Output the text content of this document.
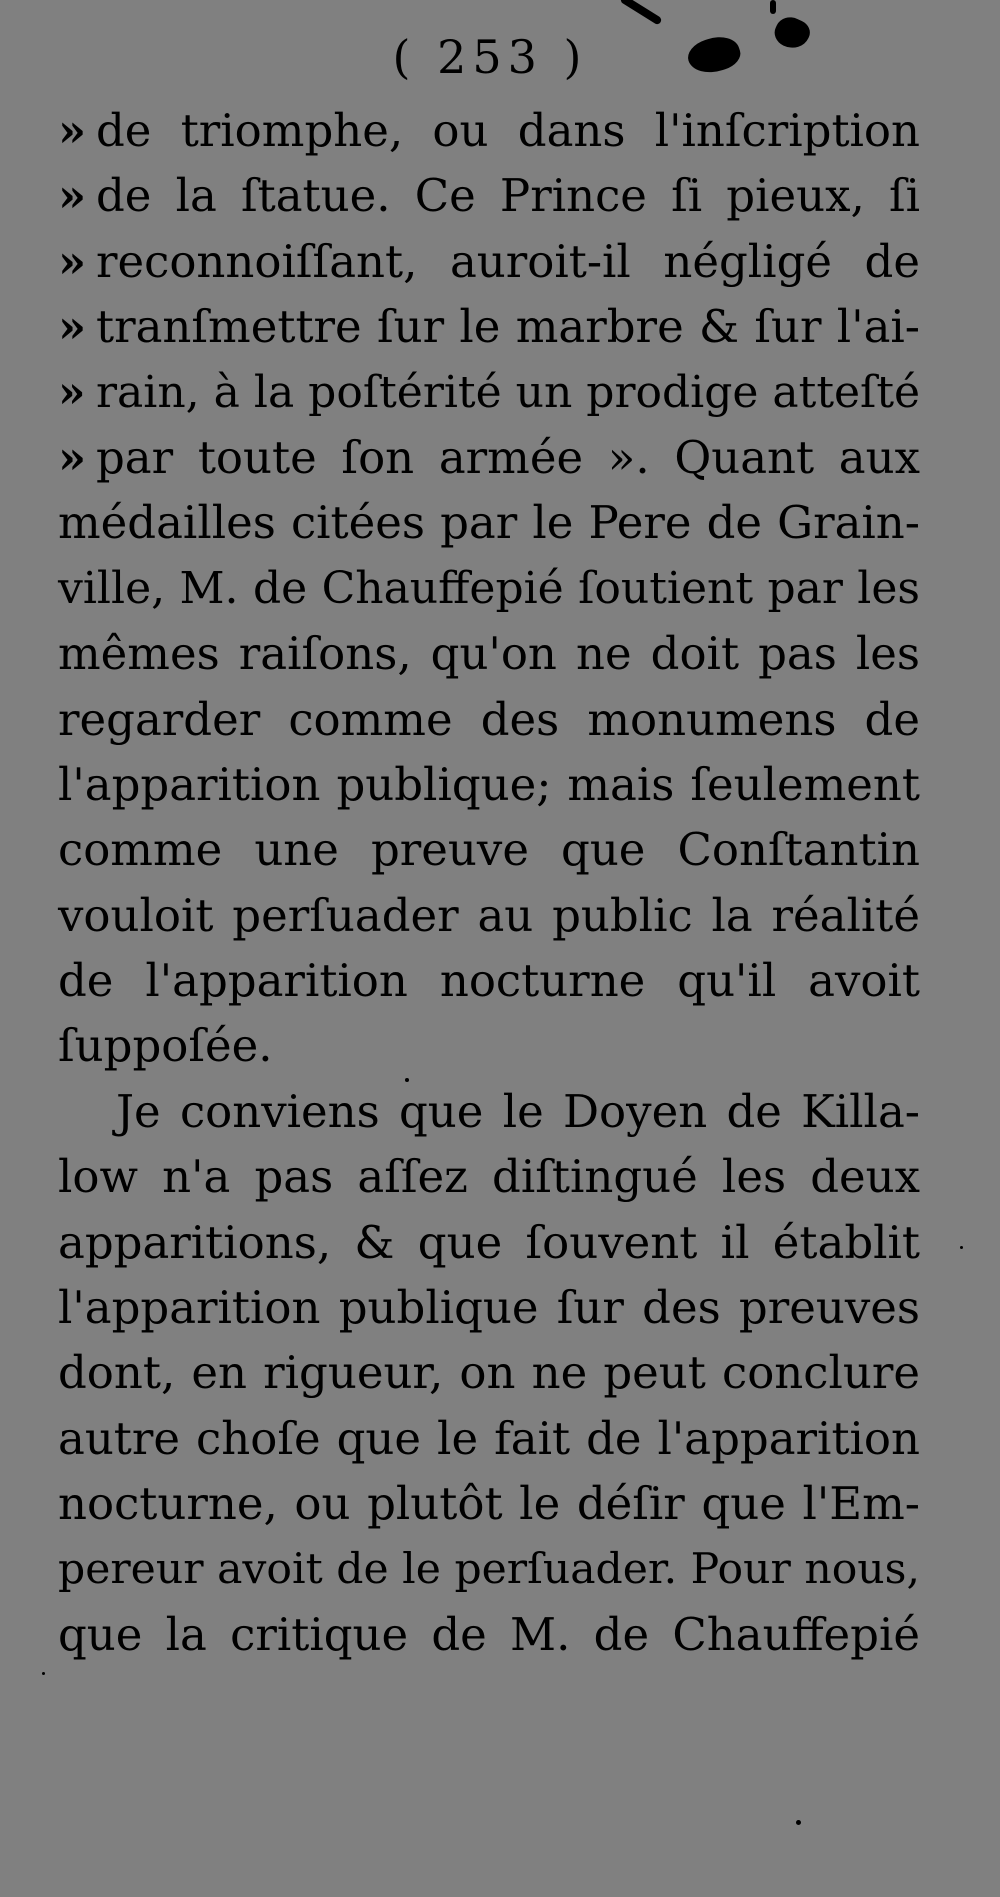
( 253 )
» de triomphe, ou dans l'inſcription
» de la ſtatue. Ce Prince ſi pieux, ſi
» reconnoiſſant, auroit-il négligé de
» tranſmettre ſur le marbre & ſur l'ai-
» rain, à la poſtérité un prodige atteſté
» par toute ſon armée ». Quant aux
médailles citées par le Pere de Grain-
ville, M. de Chauffepié ſoutient par les
mêmes raiſons, qu'on ne doit pas les
regarder comme des monumens de
l'apparition publique; mais ſeulement
comme une preuve que Conſtantin
vouloit perſuader au public la réalité
de l'apparition nocturne qu'il avoit
ſuppoſée.
Je conviens que le Doyen de Killa-
low n'a pas aſſez diſtingué les deux
apparitions, & que ſouvent il établit
l'apparition publique ſur des preuves
dont, en rigueur, on ne peut conclure
autre choſe que le fait de l'apparition
nocturne, ou plutôt le déſir que l'Em-
pereur avoit de le perſuader. Pour nous,
que la critique de M. de Chauffepié
